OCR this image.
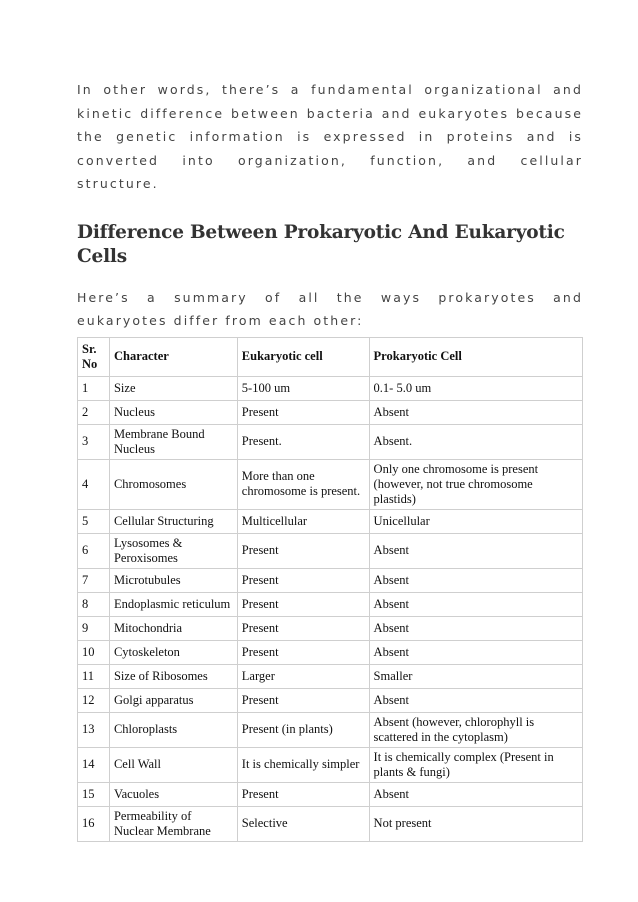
In other words, there’s a fundamental organizational and kinetic difference between bacteria and eukaryotes because the genetic information is expressed in proteins and is converted into organization, function, and cellular structure.

Difference Between Prokaryotic And Eukaryotic Cells

Here’s a summary of all the ways prokaryotes and eukaryotes differ from each other:

Sr. No	Character	Eukaryotic cell	Prokaryotic Cell
1	Size	5-100 um	0.1- 5.0 um
2	Nucleus	Present	Absent
3	Membrane Bound Nucleus	Present.	Absent.
4	Chromosomes	More than one chromosome is present.	Only one chromosome is present (however, not true chromosome plastids)
5	Cellular Structuring	Multicellular	Unicellular
6	Lysosomes & Peroxisomes	Present	Absent
7	Microtubules	Present	Absent
8	Endoplasmic reticulum	Present	Absent
9	Mitochondria	Present	Absent
10	Cytoskeleton	Present	Absent
11	Size of Ribosomes	Larger	Smaller
12	Golgi apparatus	Present	Absent
13	Chloroplasts	Present (in plants)	Absent (however, chlorophyll is scattered in the cytoplasm)
14	Cell Wall	It is chemically simpler	It is chemically complex (Present in plants & fungi)
15	Vacuoles	Present	Absent
16	Permeability of Nuclear Membrane	Selective	Not present
